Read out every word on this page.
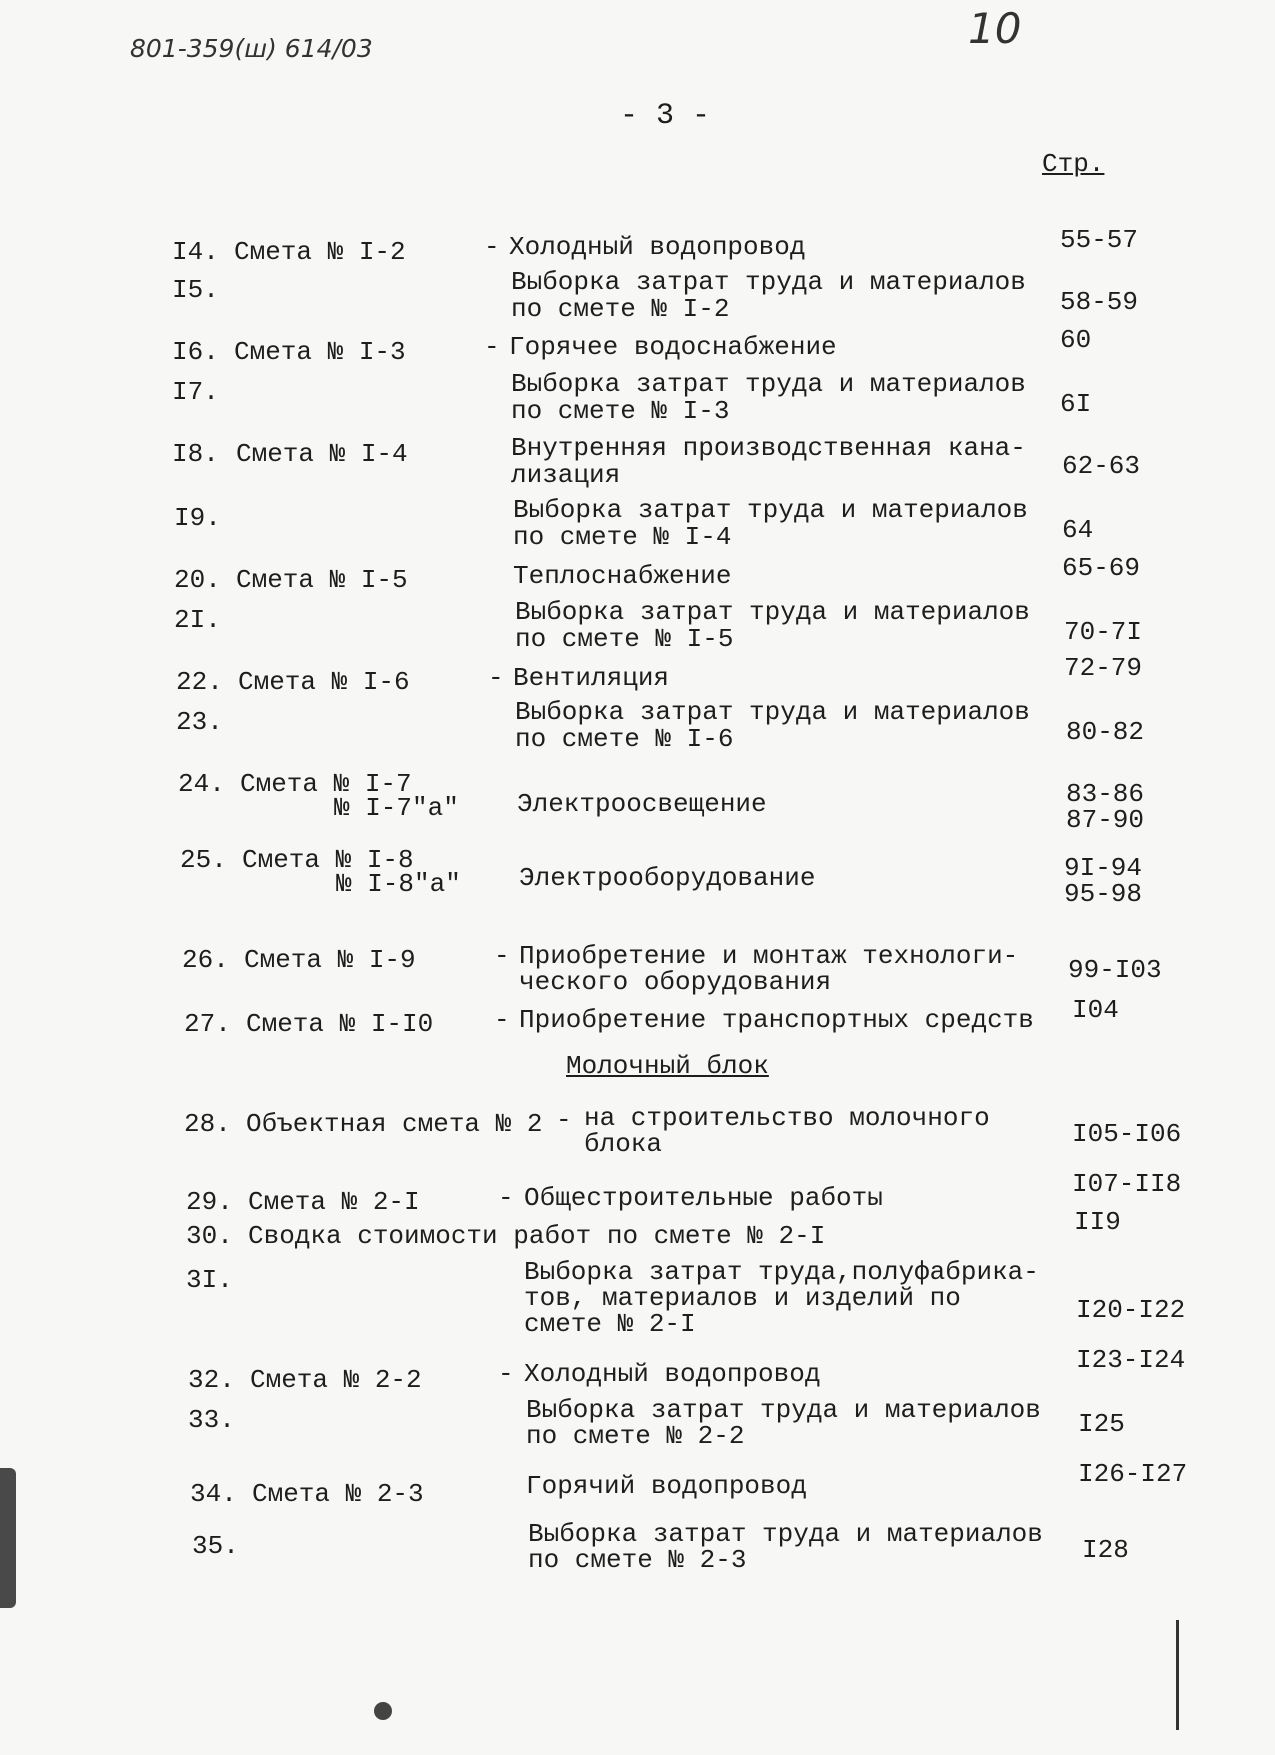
801-359(ш) 614/03	10
- 3 -
Стр.
I4. Смета № I-2	- Холодный водопровод	55-57
I5.	Выборка затрат труда и материалов
по смете № I-2	58-59
I6. Смета № I-3	- Горячее водоснабжение	60
I7.	Выборка затрат труда и материалов
по смете № I-3	6I
I8. Смета № I-4	Внутренняя производственная кана-
лизация	62-63
I9.	Выборка затрат труда и материалов
по смете № I-4	64
20. Смета № I-5	Теплоснабжение	65-69
2I.	Выборка затрат труда и материалов
по смете № I-5	70-7I
22. Смета № I-6	- Вентиляция	72-79
23.	Выборка затрат труда и материалов
по смете № I-6	80-82
24. Смета № I-7
№ I-7"а" Электроосвещение	83-86
87-90
25. Смета № I-8
№ I-8"а" Электрооборудование	9I-94
95-98
26. Смета № I-9	- Приобретение и монтаж технологи-
ческого оборудования	99-I03
27. Смета № I-I0 - Приобретение транспортных средств I04
Молочный блок
28. Объектная смета № 2 - на строительство молочного
блока	I05-I06
29. Смета № 2-I	- Общестроительные работы	I07-II8
30. Сводка стоимости работ по смете № 2-I	II9
3I.	Выборка затрат труда,полуфабрика-
тов, материалов и изделий по
смете № 2-I	I20-I22
32. Смета № 2-2	- Холодный водопровод	I23-I24
33.	Выборка затрат труда и материалов
по смете № 2-2	I25
34. Смета № 2-3	Горячий водопровод	I26-I27
35.	Выборка затрат труда и материалов
по смете № 2-3	I28
